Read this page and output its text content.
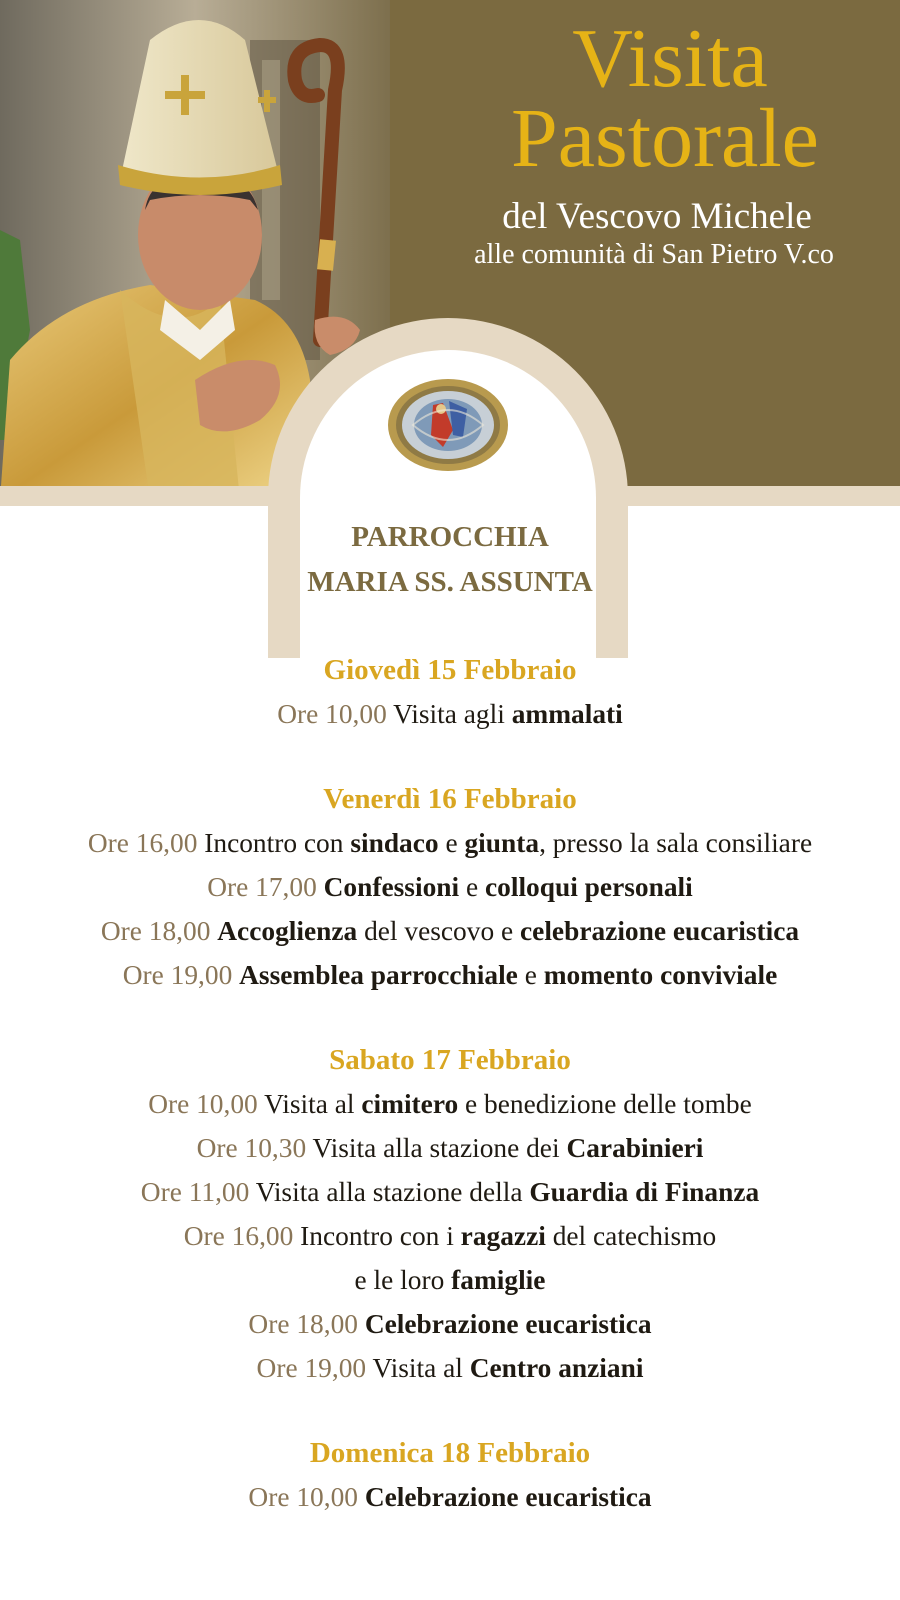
Visita
Pastorale
del Vescovo Michele
alle comunità di San Pietro V.co
PARROCCHIA
MARIA SS. ASSUNTA
Giovedì 15 Febbraio
Ore 10,00 Visita agli ammalati
Venerdì 16 Febbraio
Ore 16,00 Incontro con sindaco e giunta, presso la sala consiliare
Ore 17,00 Confessioni e colloqui personali
Ore 18,00 Accoglienza del vescovo e celebrazione eucaristica
Ore 19,00 Assemblea parrocchiale e momento conviviale
Sabato 17 Febbraio
Ore 10,00 Visita al cimitero e benedizione delle tombe
Ore 10,30 Visita alla stazione dei Carabinieri
Ore 11,00 Visita alla stazione della Guardia di Finanza
Ore 16,00 Incontro con i ragazzi del catechismo
e le loro famiglie
Ore 18,00 Celebrazione eucaristica
Ore 19,00 Visita al Centro anziani
Domenica 18 Febbraio
Ore 10,00 Celebrazione eucaristica
